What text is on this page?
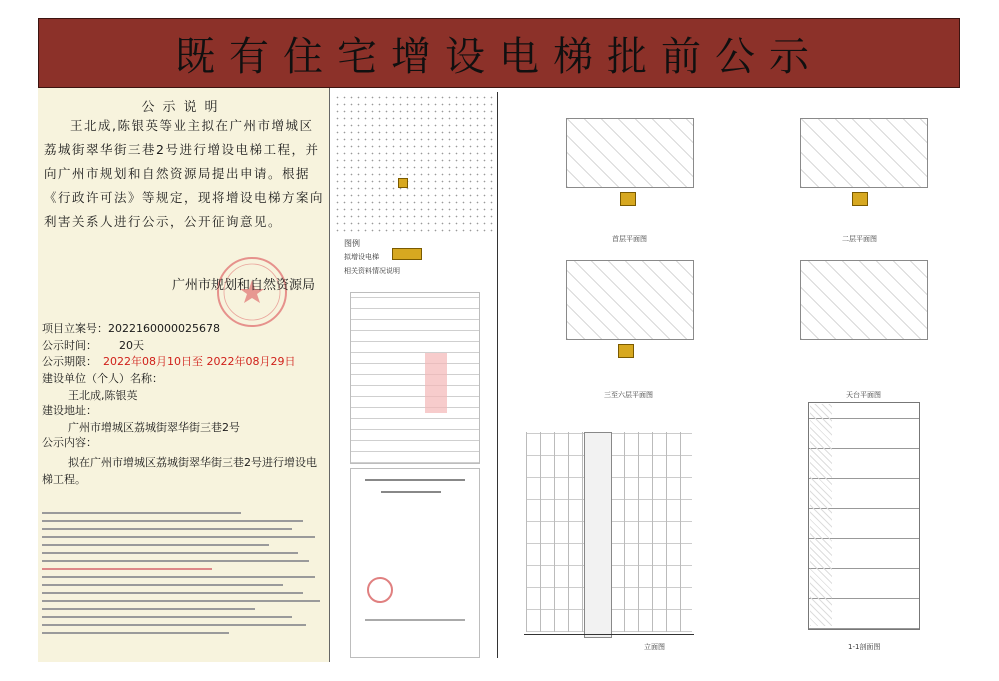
既有住宅增设电梯批前公示
公示说明
王北成,陈银英等业主拟在广州市增城区荔城街翠华街三巷2号进行增设电梯工程，并向广州市规划和自然资源局提出申请。根据《行政许可法》等规定，现将增设电梯方案向利害关系人进行公示，公开征询意见。
广州市规划和自然资源局
项目立案号：2022160000025678
公示时间： 20天
公示期限： 2022年08月10日至 2022年08月29日
建设单位（个人）名称：
王北成,陈银英
建设地址：
广州市增城区荔城街翠华街三巷2号
公示内容：
拟在广州市增城区荔城街翠华街三巷2号进行增设电梯工程。
图例
拟增设电梯
相关资料情况说明
首层平面图	二层平面图
三至六层平面图	天台平面图
立面图	1-1剖面图
